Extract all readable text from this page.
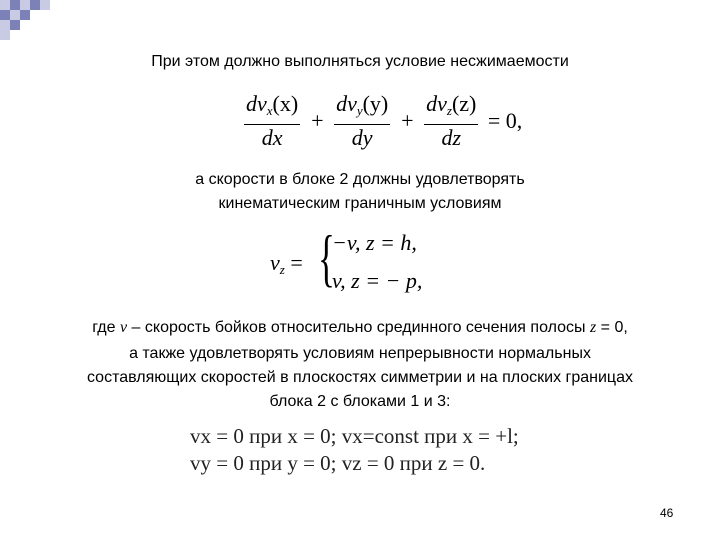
При этом должно выполняться условие несжимаемости
$\frac{dv_x(x)}{dx} + \frac{dv_y(y)}{dy} + \frac{dv_z(z)}{dz} = 0$,
а скорости в блоке 2 должны удовлетворять
кинематическим граничным условиям
$v_z$ = {
−v, z = h,
v, z = − p,
где v – скорость бойков относительно срединного сечения полосы z = 0,
а также удовлетворять условиям непрерывности нормальных
составляющих скоростей в плоскостях симметрии и на плоских границах
блока 2 с блоками 1 и 3:
vx = 0 при x = 0; vx=const при x = +l;
vy = 0 при y = 0; vz = 0 при z = 0.
46
